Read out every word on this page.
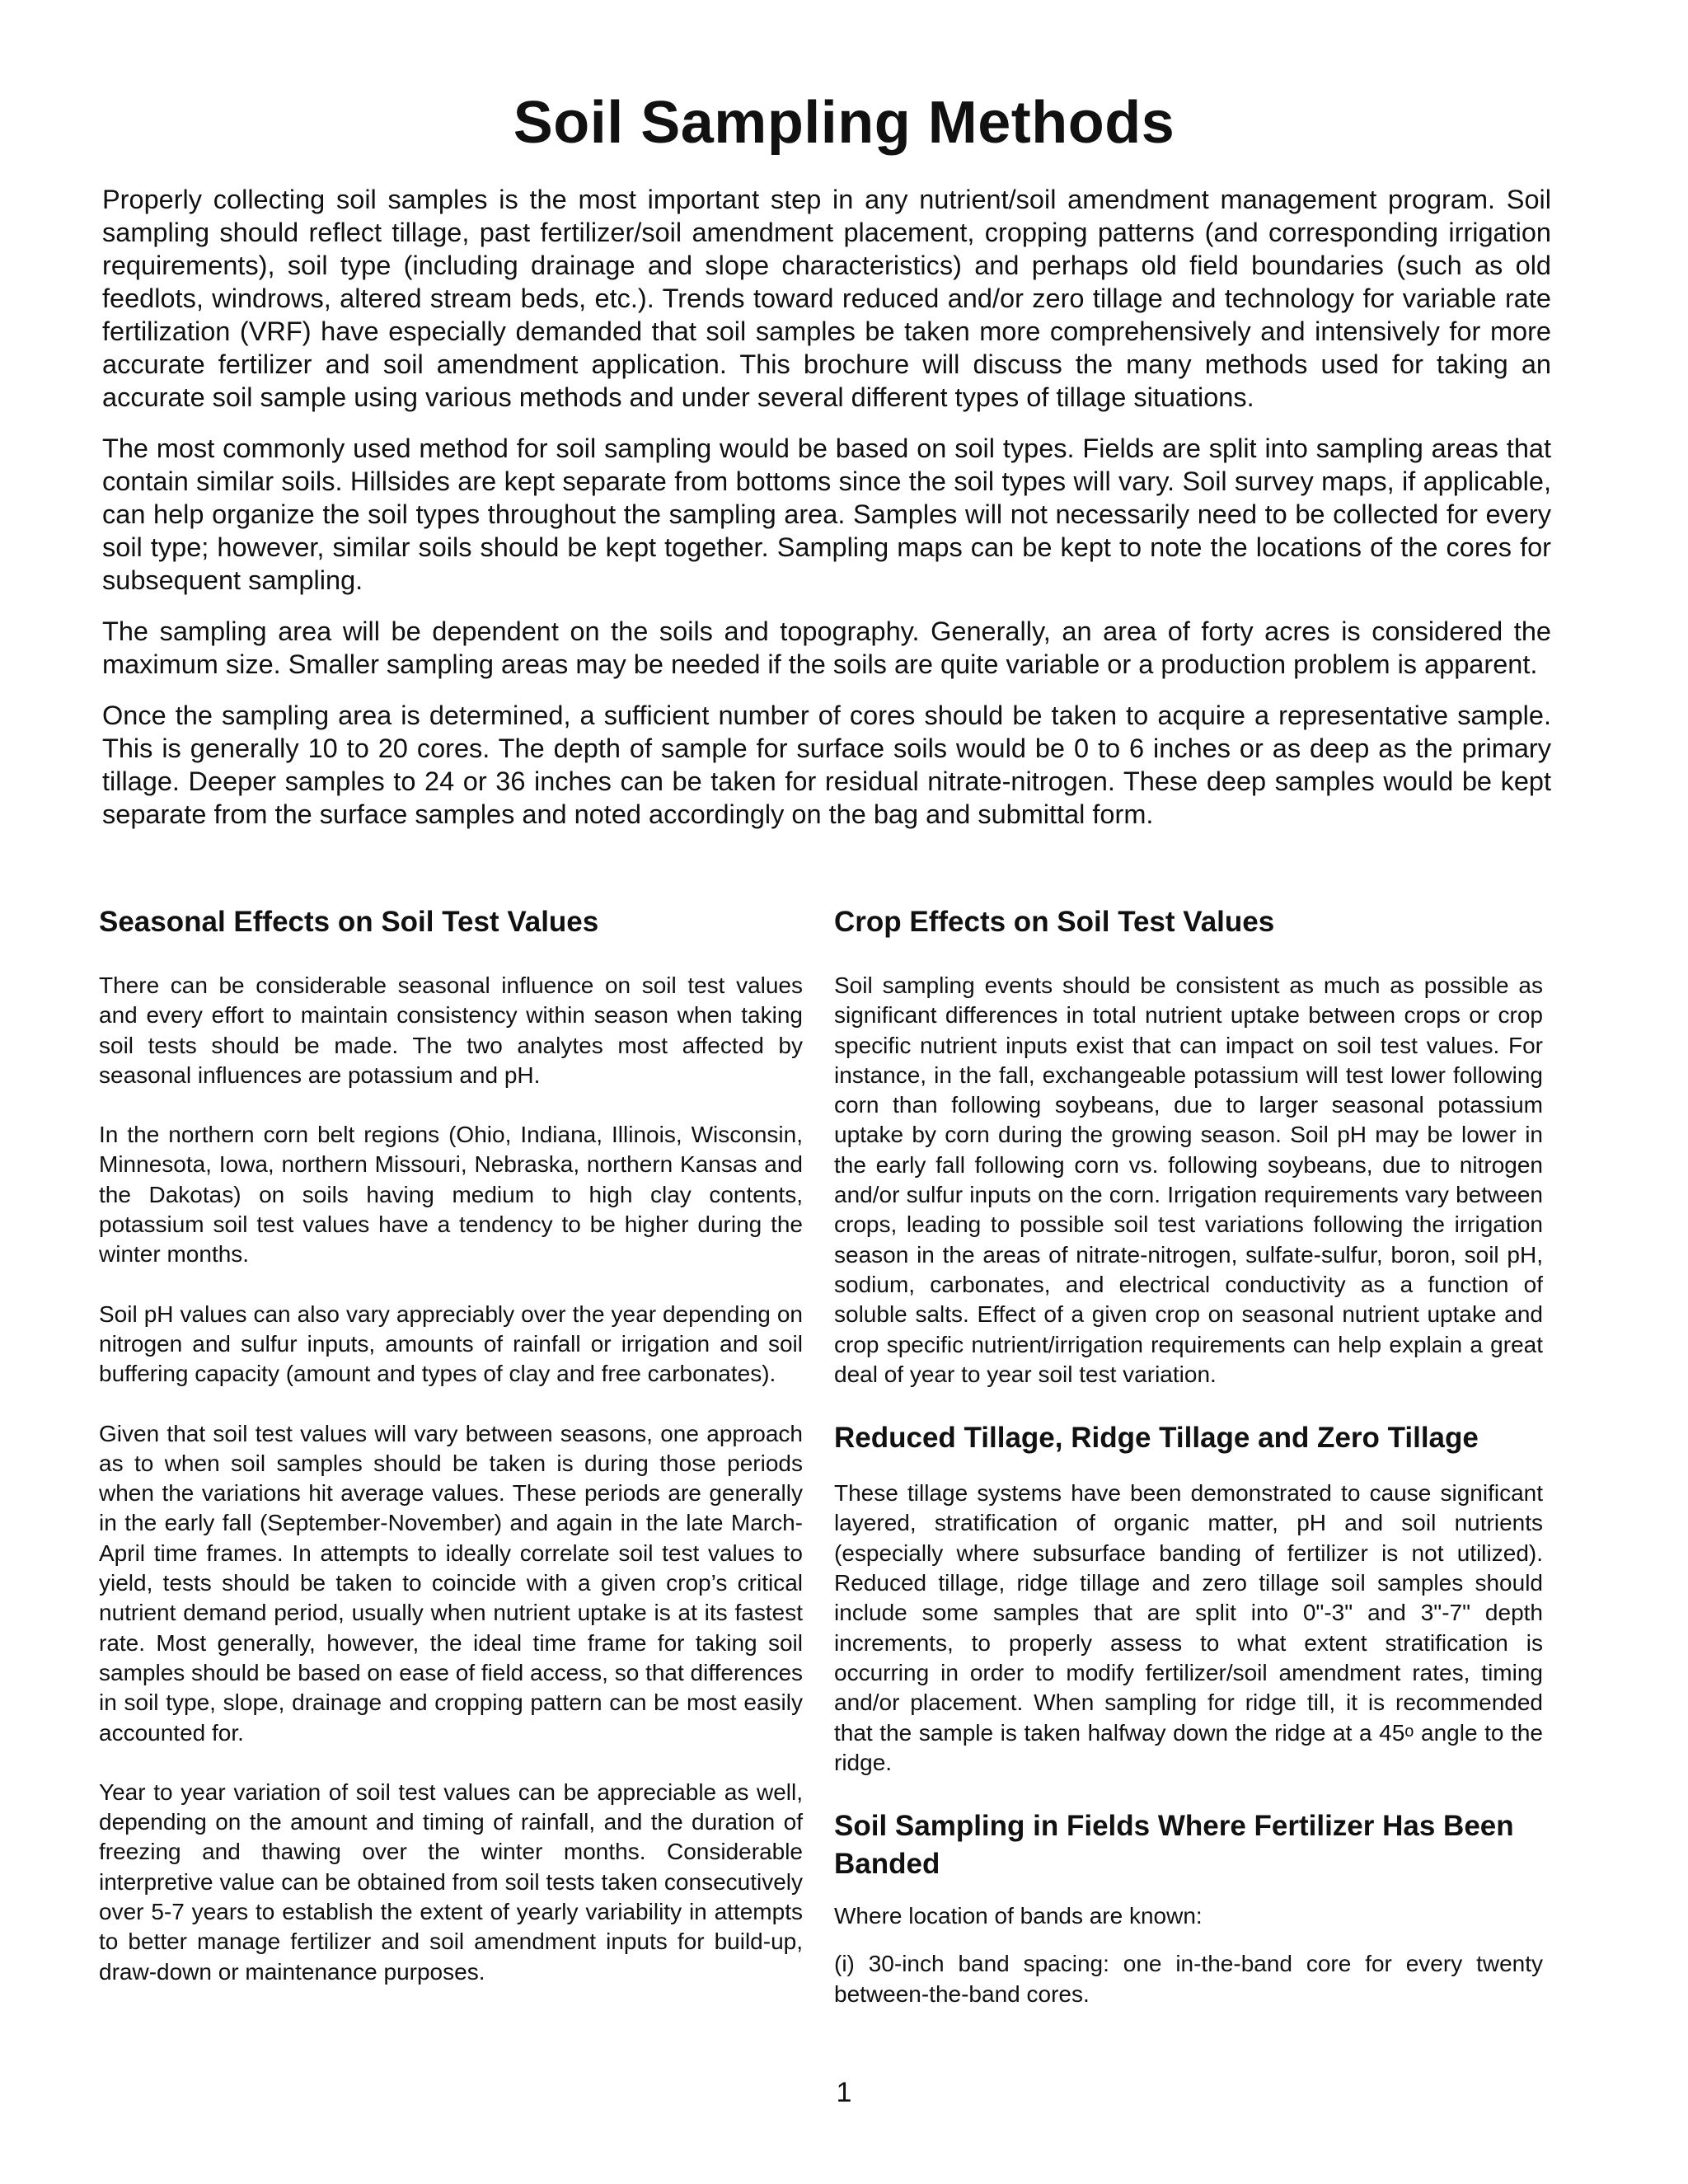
Soil Sampling Methods

Properly collecting soil samples is the most important step in any nutrient/soil amendment management program. Soil sampling should reflect tillage, past fertilizer/soil amendment placement, cropping patterns (and corresponding irrigation requirements), soil type (including drainage and slope characteristics) and perhaps old field boundaries (such as old feedlots, windrows, altered stream beds, etc.). Trends toward reduced and/or zero tillage and technology for variable rate fertilization (VRF) have especially demanded that soil samples be taken more comprehensively and intensively for more accurate fertilizer and soil amendment application. This brochure will discuss the many methods used for taking an accurate soil sample using various methods and under several different types of tillage situations.

The most commonly used method for soil sampling would be based on soil types. Fields are split into sampling areas that contain similar soils. Hillsides are kept separate from bottoms since the soil types will vary. Soil survey maps, if applicable, can help organize the soil types throughout the sampling area. Samples will not necessarily need to be collected for every soil type; however, similar soils should be kept together. Sampling maps can be kept to note the locations of the cores for subsequent sampling.

The sampling area will be dependent on the soils and topography. Generally, an area of forty acres is considered the maximum size. Smaller sampling areas may be needed if the soils are quite variable or a production problem is apparent.

Once the sampling area is determined, a sufficient number of cores should be taken to acquire a representative sample. This is generally 10 to 20 cores. The depth of sample for surface soils would be 0 to 6 inches or as deep as the primary tillage. Deeper samples to 24 or 36 inches can be taken for residual nitrate-nitrogen. These deep samples would be kept separate from the surface samples and noted accordingly on the bag and submittal form.

Seasonal Effects on Soil Test Values

There can be considerable seasonal influence on soil test values and every effort to maintain consistency within season when taking soil tests should be made. The two analytes most affected by seasonal influences are potassium and pH.

In the northern corn belt regions (Ohio, Indiana, Illinois, Wisconsin, Minnesota, Iowa, northern Missouri, Nebraska, northern Kansas and the Dakotas) on soils having medium to high clay contents, potassium soil test values have a tendency to be higher during the winter months.

Soil pH values can also vary appreciably over the year depending on nitrogen and sulfur inputs, amounts of rainfall or irrigation and soil buffering capacity (amount and types of clay and free carbonates).

Given that soil test values will vary between seasons, one approach as to when soil samples should be taken is during those periods when the variations hit average values. These periods are generally in the early fall (September-November) and again in the late March-April time frames. In attempts to ideally correlate soil test values to yield, tests should be taken to coincide with a given crop’s critical nutrient demand period, usually when nutrient uptake is at its fastest rate. Most generally, however, the ideal time frame for taking soil samples should be based on ease of field access, so that differences in soil type, slope, drainage and cropping pattern can be most easily accounted for.

Year to year variation of soil test values can be appreciable as well, depending on the amount and timing of rainfall, and the duration of freezing and thawing over the winter months. Considerable interpretive value can be obtained from soil tests taken consecutively over 5-7 years to establish the extent of yearly variability in attempts to better manage fertilizer and soil amendment inputs for build-up, draw-down or maintenance purposes.

Crop Effects on Soil Test Values

Soil sampling events should be consistent as much as possible as significant differences in total nutrient uptake between crops or crop specific nutrient inputs exist that can impact on soil test values. For instance, in the fall, exchangeable potassium will test lower following corn than following soybeans, due to larger seasonal potassium uptake by corn during the growing season. Soil pH may be lower in the early fall following corn vs. following soybeans, due to nitrogen and/or sulfur inputs on the corn. Irrigation requirements vary between crops, leading to possible soil test variations following the irrigation season in the areas of nitrate-nitrogen, sulfate-sulfur, boron, soil pH, sodium, carbonates, and electrical conductivity as a function of soluble salts. Effect of a given crop on seasonal nutrient uptake and crop specific nutrient/irrigation requirements can help explain a great deal of year to year soil test variation.

Reduced Tillage, Ridge Tillage and Zero Tillage

These tillage systems have been demonstrated to cause significant layered, stratification of organic matter, pH and soil nutrients (especially where subsurface banding of fertilizer is not utilized). Reduced tillage, ridge tillage and zero tillage soil samples should include some samples that are split into 0"-3" and 3"-7" depth increments, to properly assess to what extent stratification is occurring in order to modify fertilizer/soil amendment rates, timing and/or placement. When sampling for ridge till, it is recommended that the sample is taken halfway down the ridge at a 45$^o$ angle to the ridge.

Soil Sampling in Fields Where Fertilizer Has Been Banded

Where location of bands are known:

(i) 30-inch band spacing: one in-the-band core for every twenty between-the-band cores.

1
